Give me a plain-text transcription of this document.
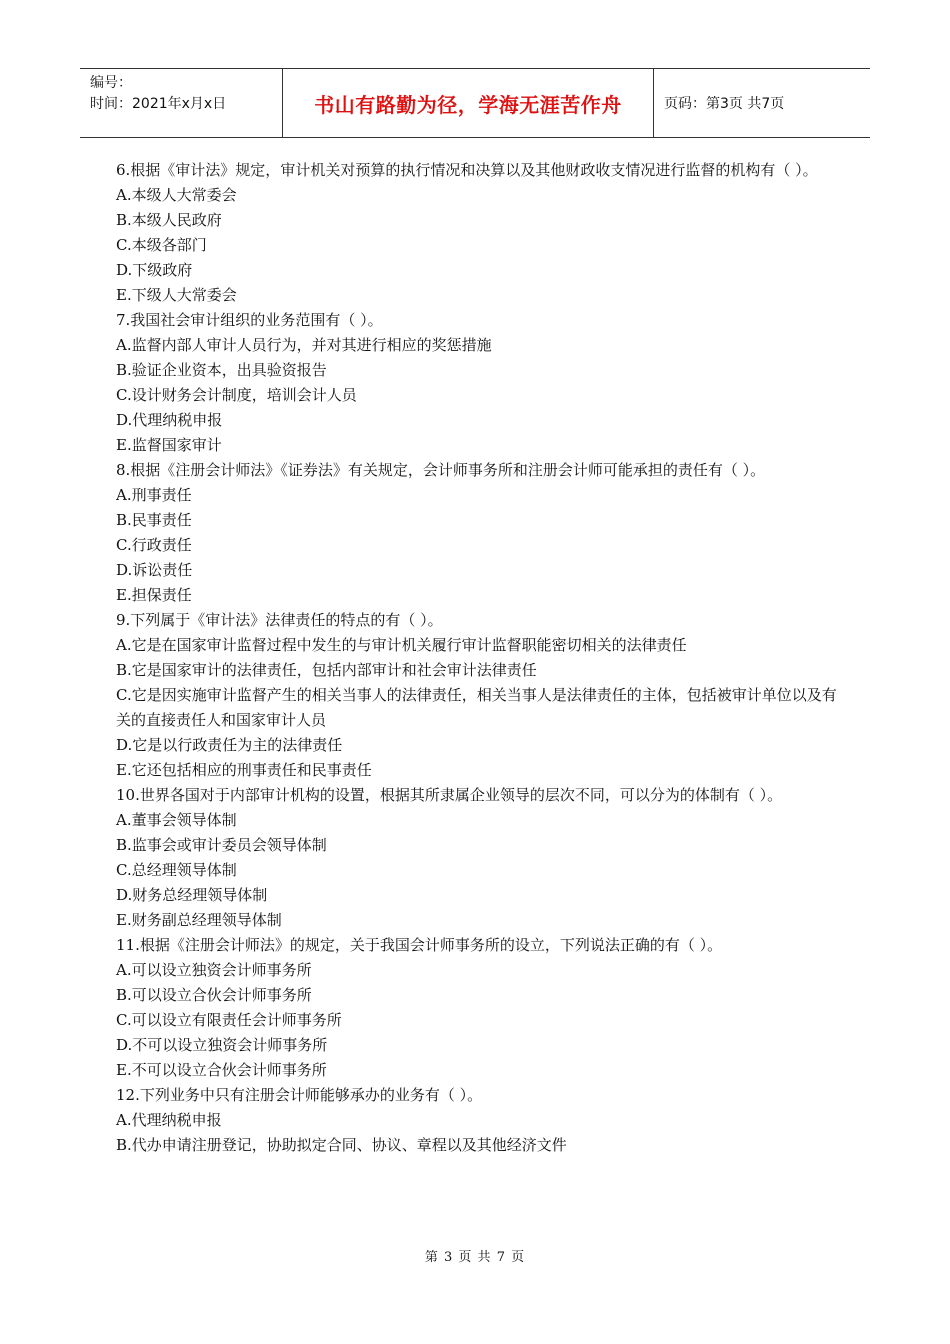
编号：
时间：2021年x月x日	书山有路勤为径，学海无涯苦作舟	页码：第3页 共7页

6.根据《审计法》规定，审计机关对预算的执行情况和决算以及其他财政收支情况进行监督的机构有（ ）。

A.本级人大常委会

B.本级人民政府

C.本级各部门

D.下级政府

E.下级人大常委会

7.我国社会审计组织的业务范围有（ ）。

A.监督内部人审计人员行为，并对其进行相应的奖惩措施

B.验证企业资本，出具验资报告

C.设计财务会计制度，培训会计人员

D.代理纳税申报

E.监督国家审计

8.根据《注册会计师法》《证券法》有关规定，会计师事务所和注册会计师可能承担的责任有（ ）。

A.刑事责任

B.民事责任

C.行政责任

D.诉讼责任

E.担保责任

9.下列属于《审计法》法律责任的特点的有（ ）。

A.它是在国家审计监督过程中发生的与审计机关履行审计监督职能密切相关的法律责任

B.它是国家审计的法律责任，包括内部审计和社会审计法律责任

C.它是因实施审计监督产生的相关当事人的法律责任，相关当事人是法律责任的主体，包括被审计单位以及有关的直接责任人和国家审计人员

D.它是以行政责任为主的法律责任

E.它还包括相应的刑事责任和民事责任

10.世界各国对于内部审计机构的设置，根据其所隶属企业领导的层次不同，可以分为的体制有（ ）。

A.董事会领导体制

B.监事会或审计委员会领导体制

C.总经理领导体制

D.财务总经理领导体制

E.财务副总经理领导体制

11.根据《注册会计师法》的规定，关于我国会计师事务所的设立，下列说法正确的有（ ）。

A.可以设立独资会计师事务所

B.可以设立合伙会计师事务所

C.可以设立有限责任会计师事务所

D.不可以设立独资会计师事务所

E.不可以设立合伙会计师事务所

12.下列业务中只有注册会计师能够承办的业务有（ ）。

A.代理纳税申报

B.代办申请注册登记，协助拟定合同、协议、章程以及其他经济文件

第 3 页 共 7 页
